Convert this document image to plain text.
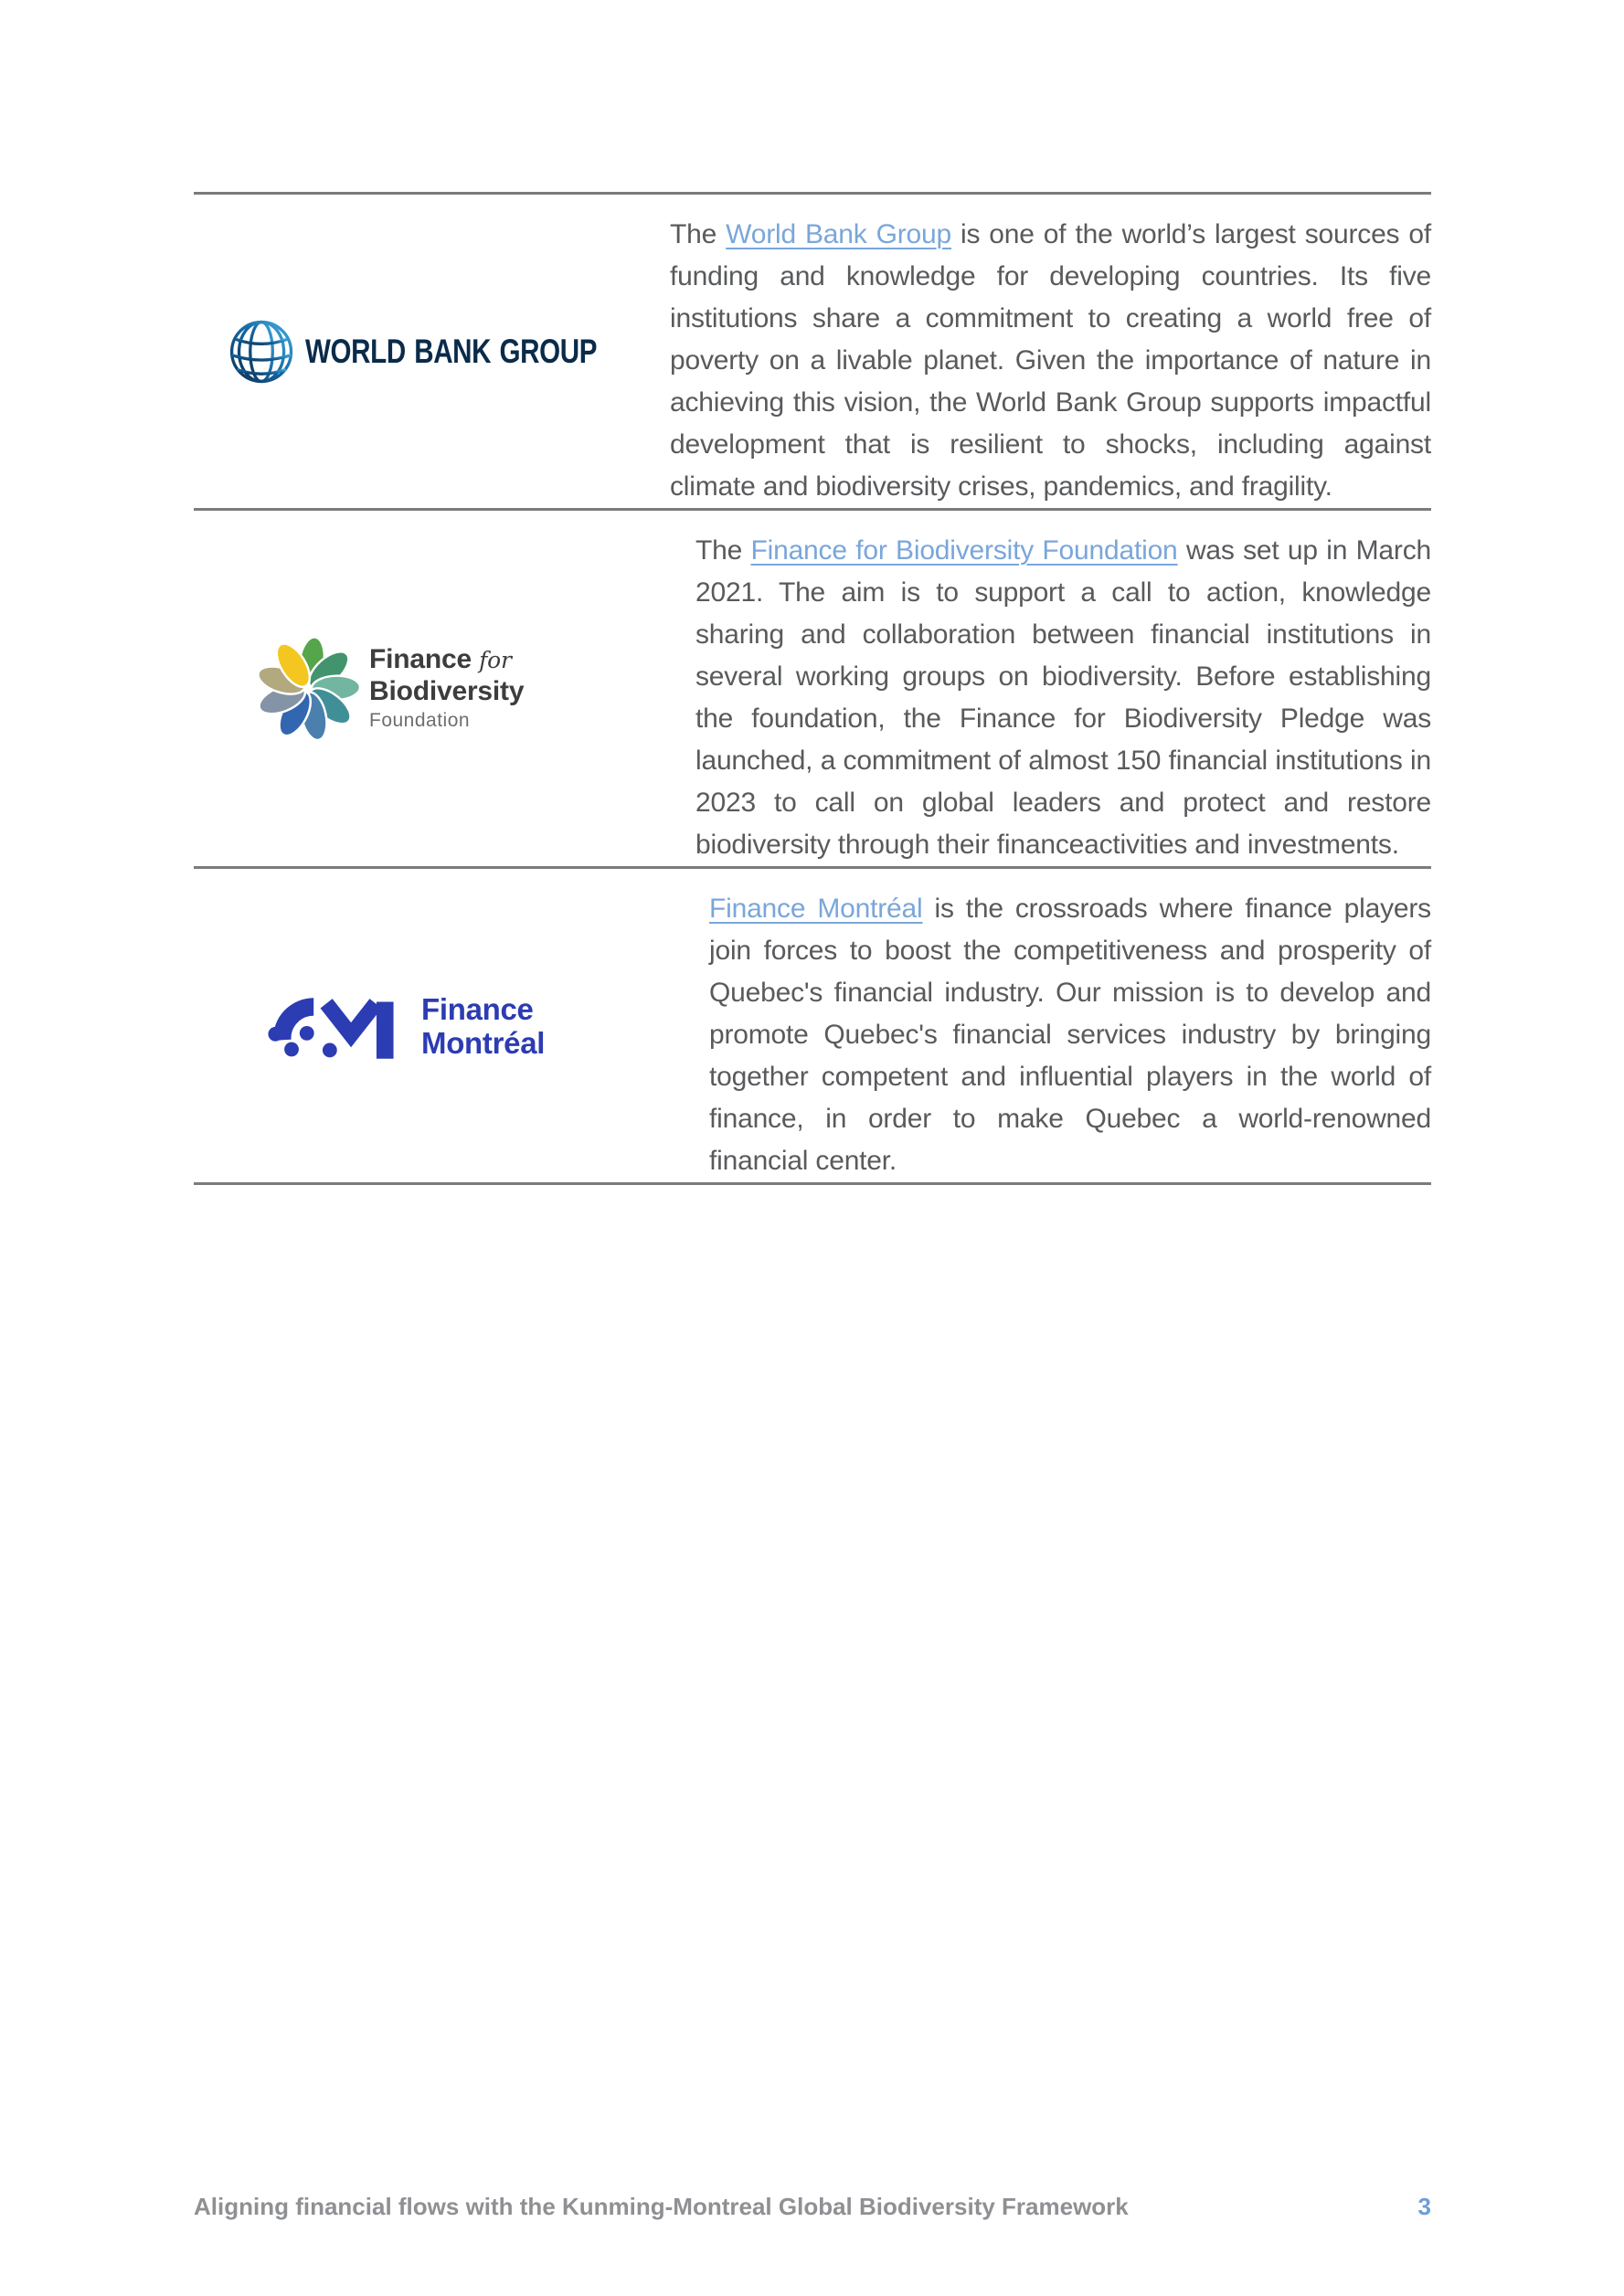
WORLD BANK GROUP

The World Bank Group is one of the world’s largest sources of funding and knowledge for developing countries. Its five institutions share a commitment to creating a world free of poverty on a livable planet. Given the importance of nature in achieving this vision, the World Bank Group supports impactful development that is resilient to shocks, including against climate and biodiversity crises, pandemics, and fragility.

Finance for
Biodiversity
Foundation

The Finance for Biodiversity Foundation was set up in March 2021. The aim is to support a call to action, knowledge sharing and collaboration between financial institutions in several working groups on biodiversity. Before establishing the foundation, the Finance for Biodiversity Pledge was launched, a commitment of almost 150 financial institutions in 2023 to call on global leaders and protect and restore biodiversity through their financeactivities and investments.

Finance
Montréal

Finance Montréal is the crossroads where finance players join forces to boost the competitiveness and prosperity of Quebec's financial industry. Our mission is to develop and promote Quebec's financial services industry by bringing together competent and influential players in the world of finance, in order to make Quebec a world-renowned financial center.

Aligning financial flows with the Kunming-Montreal Global Biodiversity Framework	3
